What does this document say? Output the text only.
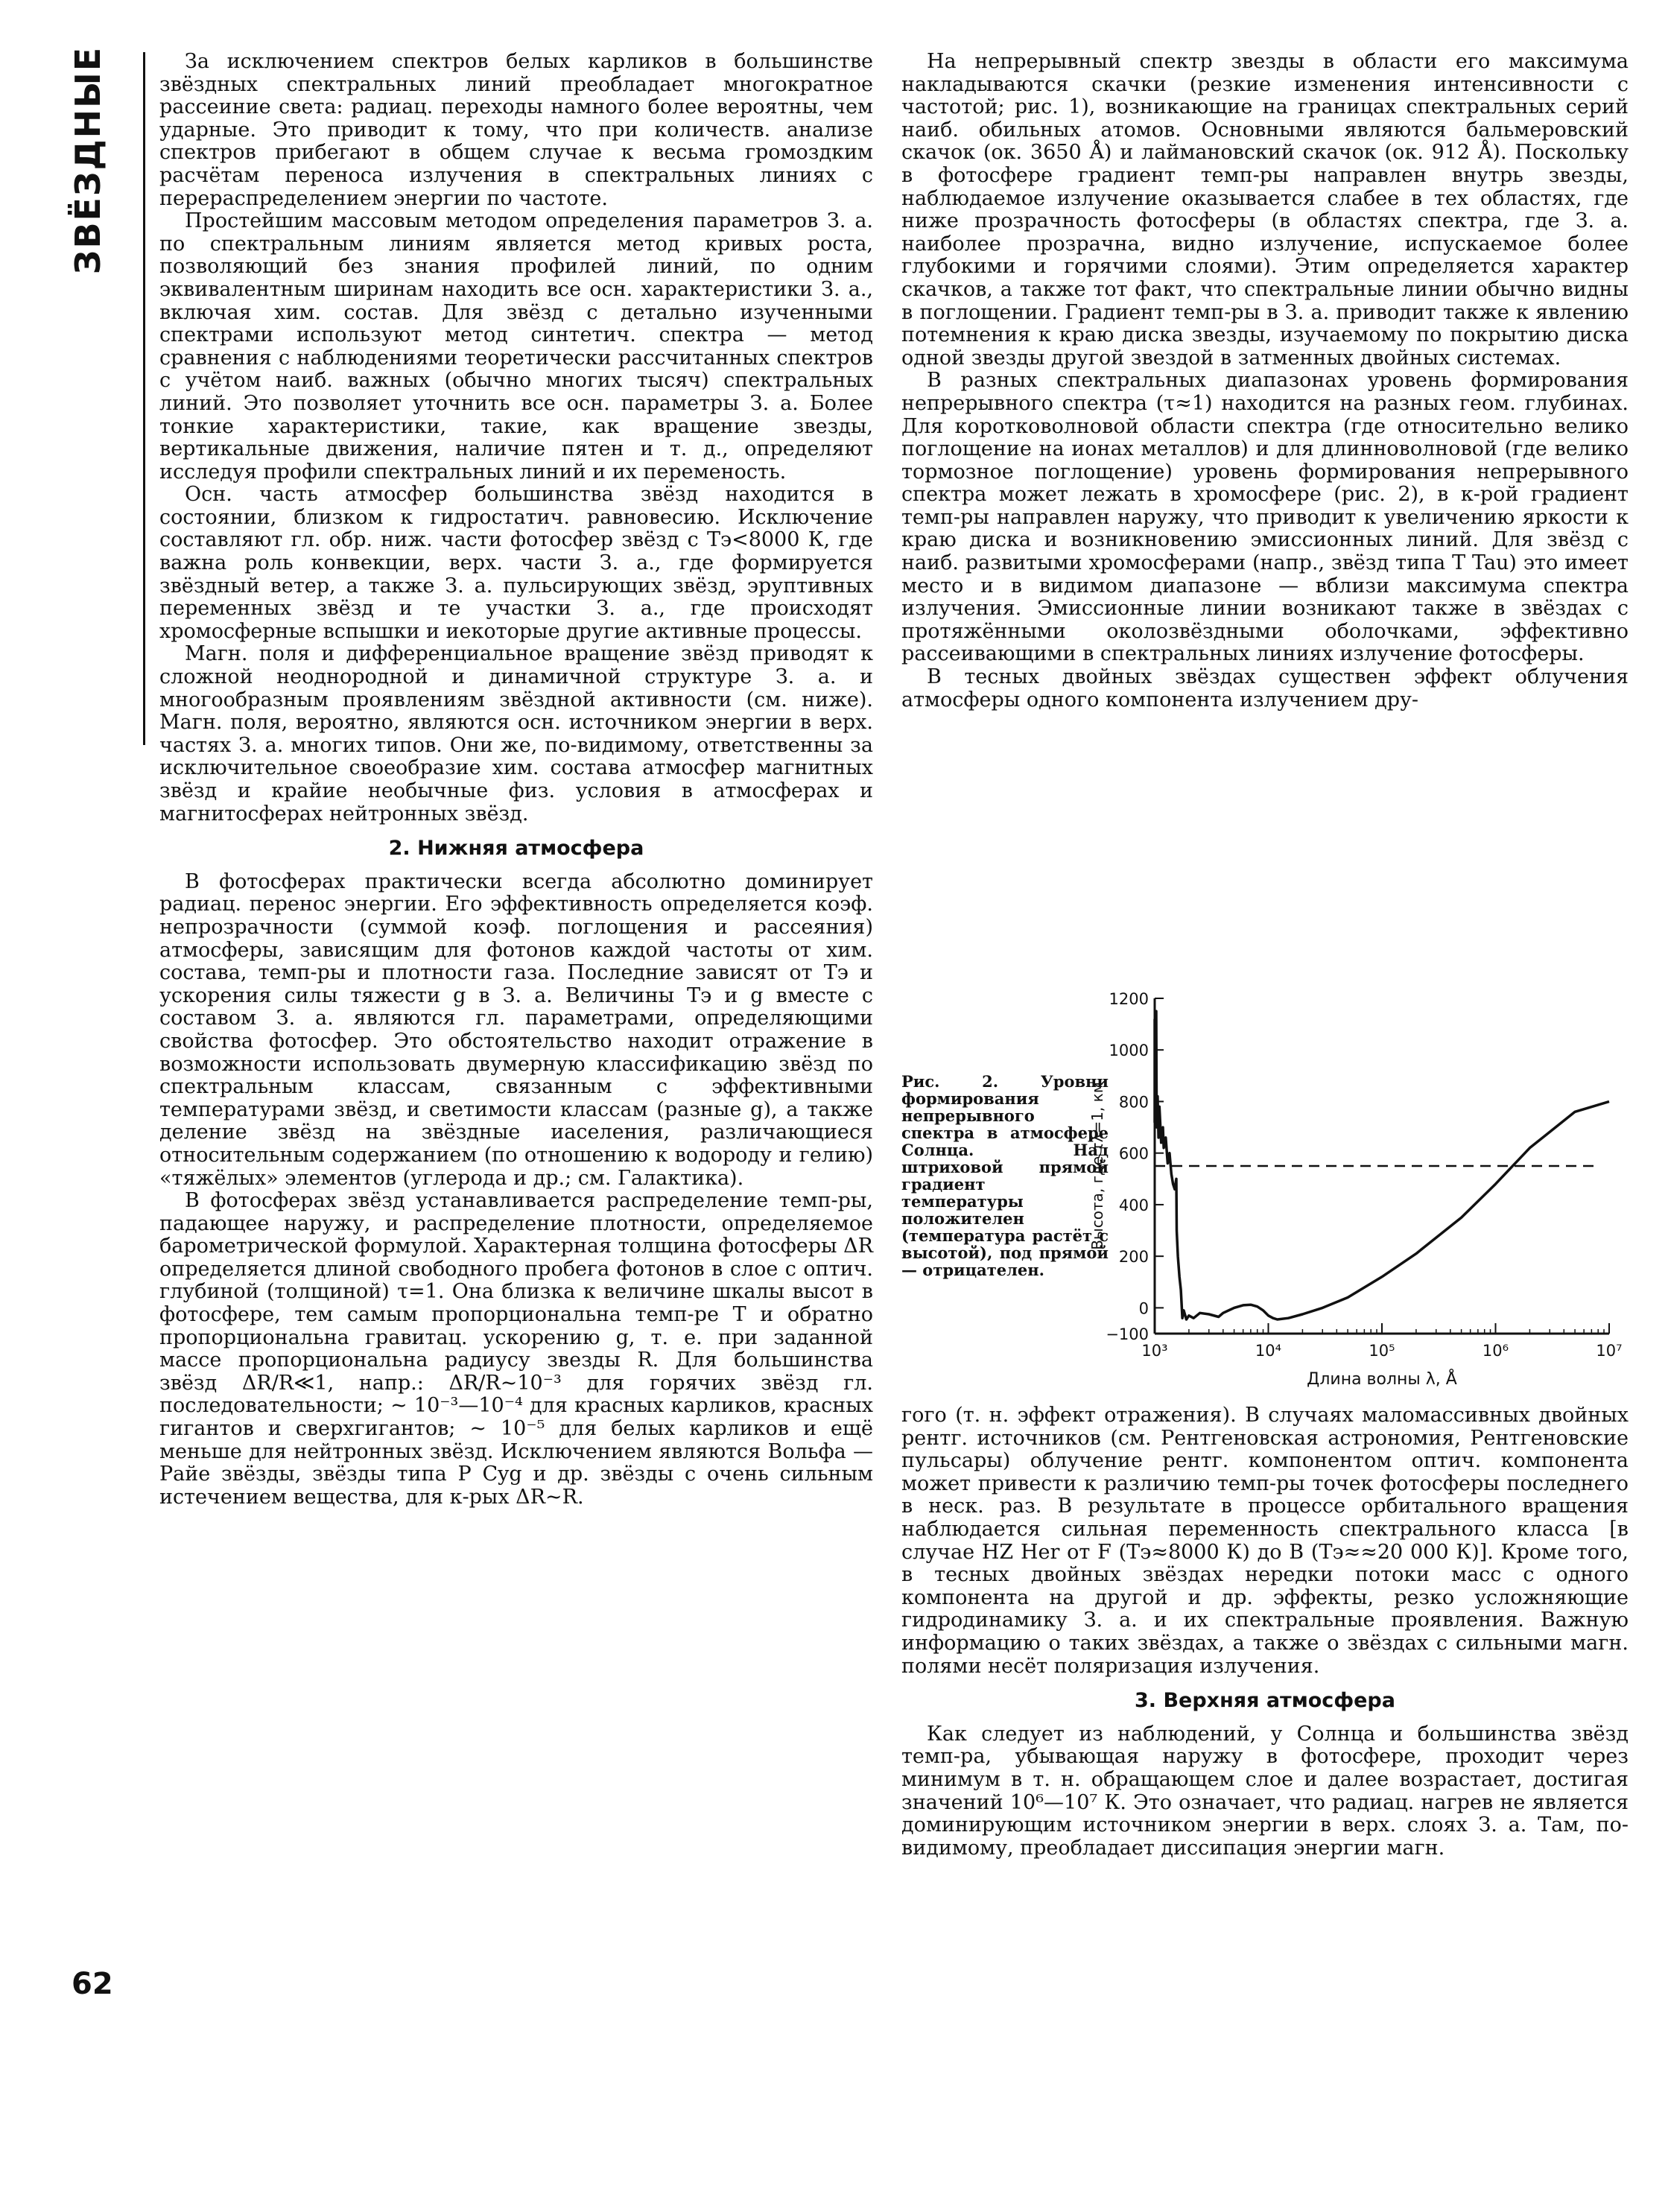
ЗВЁЗДНЫЕ
62

За исключением спектров белых карликов в большинстве звёздных спектральных линий преобладает многократное рассеиние света: радиац. переходы намного более вероятны, чем ударные. Это приводит к тому, что при количеств. анализе спектров прибегают в общем случае к весьма громоздким расчётам переноса излучения в спектральных линиях с перераспределением энергии по частоте.

Простейшим массовым методом определения параметров З. а. по спектральным линиям является метод кривых роста, позволяющий без знания профилей линий, по одним эквивалентным ширинам находить все осн. характеристики З. а., включая хим. состав. Для звёзд с детально изученными спектрами используют метод синтетич. спектра — метод сравнения с наблюдениями теоретически рассчитанных спектров с учётом наиб. важных (обычно многих тысяч) спектральных линий. Это позволяет уточнить все осн. параметры З. а. Более тонкие характеристики, такие, как вращение звезды, вертикальные движения, наличие пятен и т. д., определяют исследуя профили спектральных линий и их переменость.

Осн. часть атмосфер большинства звёзд находится в состоянии, близком к гидростатич. равновесию. Исключение составляют гл. обр. ниж. части фотосфер звёзд с Tэ<8000 К, где важна роль конвекции, верх. части З. а., где формируется звёздный ветер, а также З. а. пульсирующих звёзд, эруптивных переменных звёзд и те участки З. а., где происходят хромосферные вспышки и иекоторые другие активные процессы.

Магн. поля и дифференциальное вращение звёзд приводят к сложной неоднородной и динамичной структуре З. а. и многообразным проявлениям звёздной активности (см. ниже). Магн. поля, вероятно, являются осн. источником энергии в верх. частях З. а. многих типов. Они же, по-видимому, ответственны за исключительное своеобразие хим. состава атмосфер магнитных звёзд и крайие необычные физ. условия в атмосферах и магнитосферах нейтронных звёзд.

2. Нижняя атмосфера

В фотосферах практически всегда абсолютно доминирует радиац. перенос энергии. Его эффективность определяется коэф. непрозрачности (суммой коэф. поглощения и рассеяния) атмосферы, зависящим для фотонов каждой частоты от хим. состава, темп-ры и плотности газа. Последние зависят от Tэ и ускорения силы тяжести g в З. а. Величины Tэ и g вместе с составом З. а. являются гл. параметрами, определяющими свойства фотосфер. Это обстоятельство находит отражение в возможности использовать двумерную классификацию звёзд по спектральным классам, связанным с эффективными температурами звёзд, и светимости классам (разные g), а также деление звёзд на звёздные иаселения, различающиеся относительным содержанием (по отношению к водороду и гелию) «тяжёлых» элементов (углерода и др.; см. Галактика).

В фотосферах звёзд устанавливается распределение темп-ры, падающее наружу, и распределение плотности, определяемое барометрической формулой. Характерная толщина фотосферы ΔR определяется длиной свободного пробега фотонов в слое с оптич. глубиной (толщиной) τ=1. Она близка к величине шкалы высот в фотосфере, тем самым пропорциональна темп-ре T и обратно пропорциональна гравитац. ускорению g, т. е. при заданной массе пропорциональна радиусу звезды R. Для большинства звёзд ΔR/R≪1, напр.: ΔR/R~10⁻³ для горячих звёзд гл. последовательности; ~ 10⁻³—10⁻⁴ для красных карликов, красных гигантов и сверхгигантов; ~ 10⁻⁵ для белых карликов и ещё меньше для нейтронных звёзд. Исключением являются Вольфа — Райе звёзды, звёзды типа P Cyg и др. звёзды с очень сильным истечением вещества, для к-рых ΔR~R.

На непрерывный спектр звезды в области его максимума накладываются скачки (резкие изменения интенсивности с частотой; рис. 1), возникающие на границах спектральных серий наиб. обильных атомов. Основными являются бальмеровский скачок (ок. 3650 Å) и лаймановский скачок (ок. 912 Å). Поскольку в фотосфере градиент темп-ры направлен внутрь звезды, наблюдаемое излучение оказывается слабее в тех областях, где ниже прозрачность фотосферы (в областях спектра, где З. а. наиболее прозрачна, видно излучение, испускаемое более глубокими и горячими слоями). Этим определяется характер скачков, а также тот факт, что спектральные линии обычно видны в поглощении. Градиент темп-ры в З. а. приводит также к явлению потемнения к краю диска звезды, изучаемому по покрытию диска одной звезды другой звездой в затменных двойных системах.

В разных спектральных диапазонах уровень формирования непрерывного спектра (τ≈1) находится на разных геом. глубинах. Для коротковолновой области спектра (где относительно велико поглощение на ионах металлов) и для длинноволновой (где велико тормозное поглощение) уровень формирования непрерывного спектра может лежать в хромосфере (рис. 2), в к-рой градиент темп-ры направлен наружу, что приводит к увеличению яркости к краю диска и возникновению эмиссионных линий. Для звёзд с наиб. развитыми хромосферами (напр., звёзд типа T Tau) это имеет место и в видимом диапазоне — вблизи максимума спектра излучения. Эмиссионные линии возникают также в звёздах с протяжёнными околозвёздными оболочками, эффективно рассеивающими в спектральных линиях излучение фотосферы.

В тесных двойных звёздах существен эффект облучения атмосферы одного компонента излучением дру-

Рис. 2. Уровни формирования непрерывного спектра в атмосфере Солнца. Над штриховой прямой градиент температуры положителен (температура растёт с высотой), под прямой — отрицателен.
1200
1000
800
600
400
200
0
−100
10³	10⁴	10⁵	10⁶	10⁷
Длина волны λ, Å
Высота, где τλ=1, км

гого (т. н. эффект отражения). В случаях маломассивных двойных рентг. источников (см. Рентгеновская астрономия, Рентгеновские пульсары) облучение рентг. компонентом оптич. компонента может привести к различию темп-ры точек фотосферы последнего в неск. раз. В результате в процессе орбитального вращения наблюдается сильная переменность спектрального класса [в случае HZ Her от F (Tэ≈8000 К) до B (Tэ≈≈20 000 К)]. Кроме того, в тесных двойных звёздах нередки потоки масс с одного компонента на другой и др. эффекты, резко усложняющие гидродинамику З. а. и их спектральные проявления. Важную информацию о таких звёздах, а также о звёздах с сильными магн. полями несёт поляризация излучения.

3. Верхняя атмосфера

Как следует из наблюдений, у Солнца и большинства звёзд темп-ра, убывающая наружу в фотосфере, проходит через минимум в т. н. обращающем слое и далее возрастает, достигая значений 10⁶—10⁷ К. Это означает, что радиац. нагрев не является доминирующим источником энергии в верх. слоях З. а. Там, по-видимому, преобладает диссипация энергии магн.
